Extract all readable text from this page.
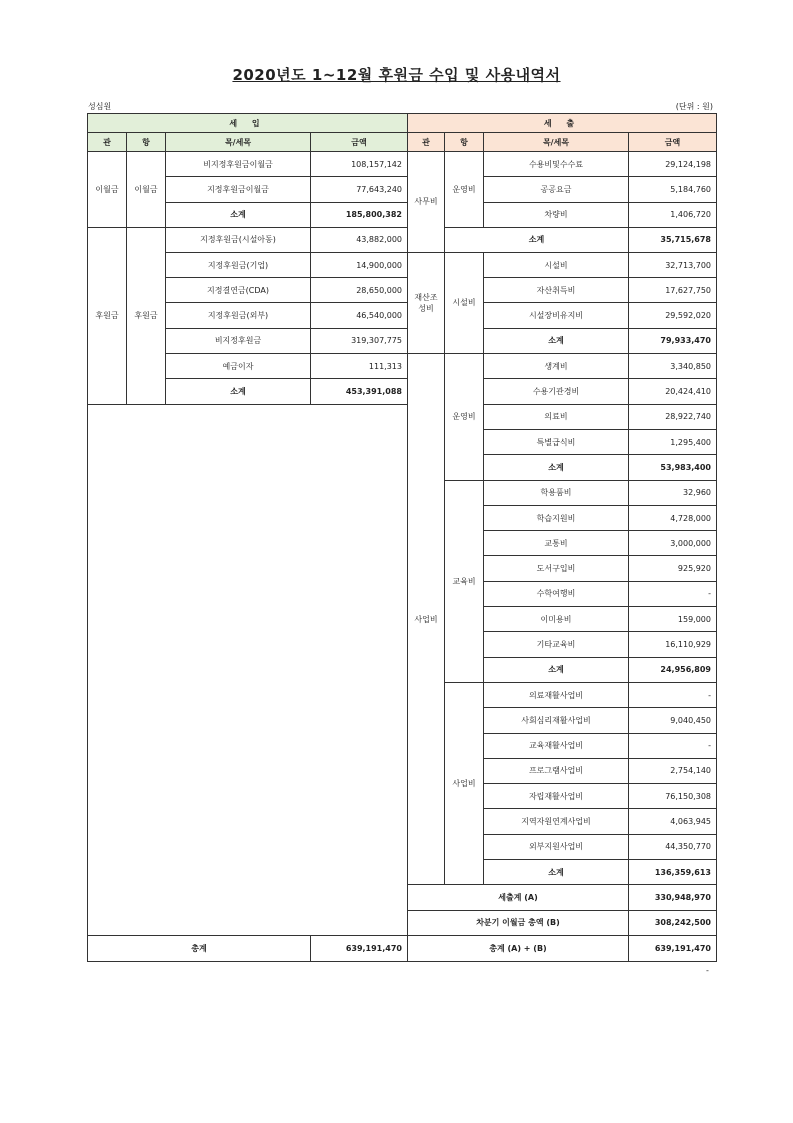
2020년도 1~12월 후원금 수입 및 사용내역서
성심원	(단위 : 원)
세 입				세 출			
관	항	목/세목	금액	관	항	목/세목	금액
이월금	이월금	비지정후원금이월금	108,157,142	사무비	운영비	수용비및수수료	29,124,198
		지정후원금이월금	77,643,240			공공요금	5,184,760
		소계	185,800,382			차량비	1,406,720
후원금	후원금	지정후원금(시설아동)	43,882,000		소계		35,715,678
		지정후원금(기업)	14,900,000	재산조성비	시설비	시설비	32,713,700
		지정결연금(CDA)	28,650,000			자산취득비	17,627,750
		지정후원금(외부)	46,540,000			시설장비유지비	29,592,020
		비지정후원금	319,307,775			소계	79,933,470
		예금이자	111,313	사업비	운영비	생계비	3,340,850
		소계	453,391,088			수용기관경비	20,424,410
						의료비	28,922,740
						특별급식비	1,295,400
						소계	53,983,400
					교육비	학용품비	32,960
						학습지원비	4,728,000
						교통비	3,000,000
						도서구입비	925,920
						수학여행비	-
						이미용비	159,000
						기타교육비	16,110,929
						소계	24,956,809
					사업비	의료재활사업비	-
						사회심리재활사업비	9,040,450
						교육재활사업비	-
						프로그램사업비	2,754,140
						자립재활사업비	76,150,308
						지역자원연계사업비	4,063,945
						외부지원사업비	44,350,770
						소계	136,359,613
				세출계 (A)			330,948,970
				차분기 이월금 총액 (B)			308,242,500
총계			639,191,470	총계 (A) + (B)			639,191,470
-
